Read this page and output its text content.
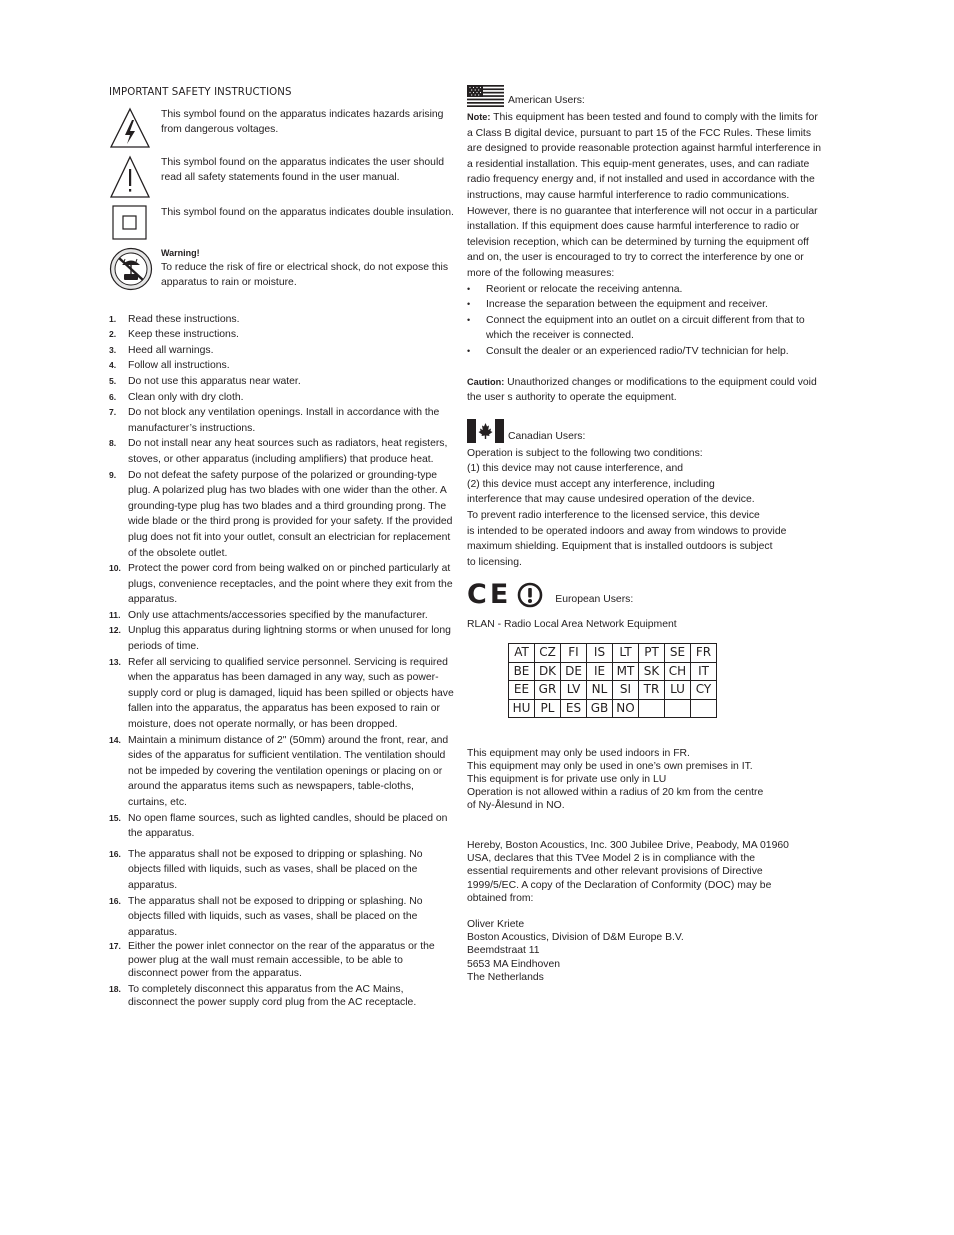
IMPORTANT SAFETY INSTRUCTIONS
This symbol found on the apparatus indicates hazards arising from dangerous voltages.
This symbol found on the apparatus indicates the user should read all safety statements found in the user manual.
This symbol found on the apparatus indicates double insulation.
Warning!
To reduce the risk of fire or electrical shock, do not expose this apparatus to rain or moisture.
1. Read these instructions.
2. Keep these instructions.
3. Heed all warnings.
4. Follow all instructions.
5. Do not use this apparatus near water.
6. Clean only with dry cloth.
7. Do not block any ventilation openings. Install in accordance with the manufacturer’s instructions.
8. Do not install near any heat sources such as radiators, heat registers, stoves, or other apparatus (including amplifiers) that produce heat.
9. Do not defeat the safety purpose of the polarized or grounding-type plug. A polarized plug has two blades with one wider than the other. A grounding-type plug has two blades and a third grounding prong. The wide blade or the third prong is provided for your safety. If the provided plug does not fit into your outlet, consult an electrician for replacement of the obsolete outlet.
10. Protect the power cord from being walked on or pinched particularly at plugs, convenience receptacles, and the point where they exit from the apparatus.
11. Only use attachments/accessories specified by the manufacturer.
12. Unplug this apparatus during lightning storms or when unused for long periods of time.
13. Refer all servicing to qualified service personnel. Servicing is required when the apparatus has been damaged in any way, such as power-supply cord or plug is damaged, liquid has been spilled or objects have fallen into the apparatus, the apparatus has been exposed to rain or moisture, does not operate normally, or has been dropped.
14. Maintain a minimum distance of 2" (50mm) around the front, rear, and sides of the apparatus for sufficient ventilation. The ventilation should not be impeded by covering the ventilation openings or placing on or around the apparatus items such as newspapers, table-cloths, curtains, etc.
15. No open flame sources, such as lighted candles, should be placed on the apparatus.
16. The apparatus shall not be exposed to dripping or splashing. No objects filled with liquids, such as vases, shall be placed on the apparatus.
16. The apparatus shall not be exposed to dripping or splashing. No objects filled with liquids, such as vases, shall be placed on the apparatus.
17. Either the power inlet connector on the rear of the apparatus or the power plug at the wall must remain accessible, to be able to disconnect power from the apparatus.
18. To completely disconnect this apparatus from the AC Mains, disconnect the power supply cord plug from the AC receptacle.
American Users:
Note: This equipment has been tested and found to comply with the limits for a Class B digital device, pursuant to part 15 of the FCC Rules. These limits are designed to provide reasonable protection against harmful interference in a residential installation. This equip-ment generates, uses, and can radiate radio frequency energy and, if not installed and used in accordance with the instructions, may cause harmful interference to radio communications. However, there is no guarantee that interference will not occur in a particular installation. If this equipment does cause harmful interference to radio or television reception, which can be determined by turning the equipment off and on, the user is encouraged to try to correct the interference by one or more of the following measures:
• Reorient or relocate the receiving antenna.
• Increase the separation between the equipment and receiver.
• Connect the equipment into an outlet on a circuit different from that to which the receiver is connected.
• Consult the dealer or an experienced radio/TV technician for help.
Caution: Unauthorized changes or modifications to the equipment could void the user s authority to operate the equipment.
Canadian Users:
Operation is subject to the following two conditions:
(1) this device may not cause interference, and
(2) this device must accept any interference, including
interference that may cause undesired operation of the device.
To prevent radio interference to the licensed service, this device
is intended to be operated indoors and away from windows to provide
maximum shielding. Equipment that is installed outdoors is subject
to licensing.
CE	European Users:
RLAN - Radio Local Area Network Equipment
AT	CZ	FI	IS	LT	PT	SE	FR
BE	DK	DE	IE	MT	SK	CH	IT
EE	GR	LV	NL	SI	TR	LU	CY
HU	PL	ES	GB	NO			
This equipment may only be used indoors in FR.
This equipment may only be used in one’s own premises in IT.
This equipment is for private use only in LU
Operation is not allowed within a radius of 20 km from the centre
of Ny-Ålesund in NO.
Hereby, Boston Acoustics, Inc. 300 Jubilee Drive, Peabody, MA 01960
USA, declares that this TVee Model 2 is in compliance with the
essential requirements and other relevant provisions of Directive
1999/5/EC. A copy of the Declaration of Conformity (DOC) may be
obtained from:
Oliver Kriete
Boston Acoustics, Division of D&M Europe B.V.
Beemdstraat 11
5653 MA Eindhoven
The Netherlands
